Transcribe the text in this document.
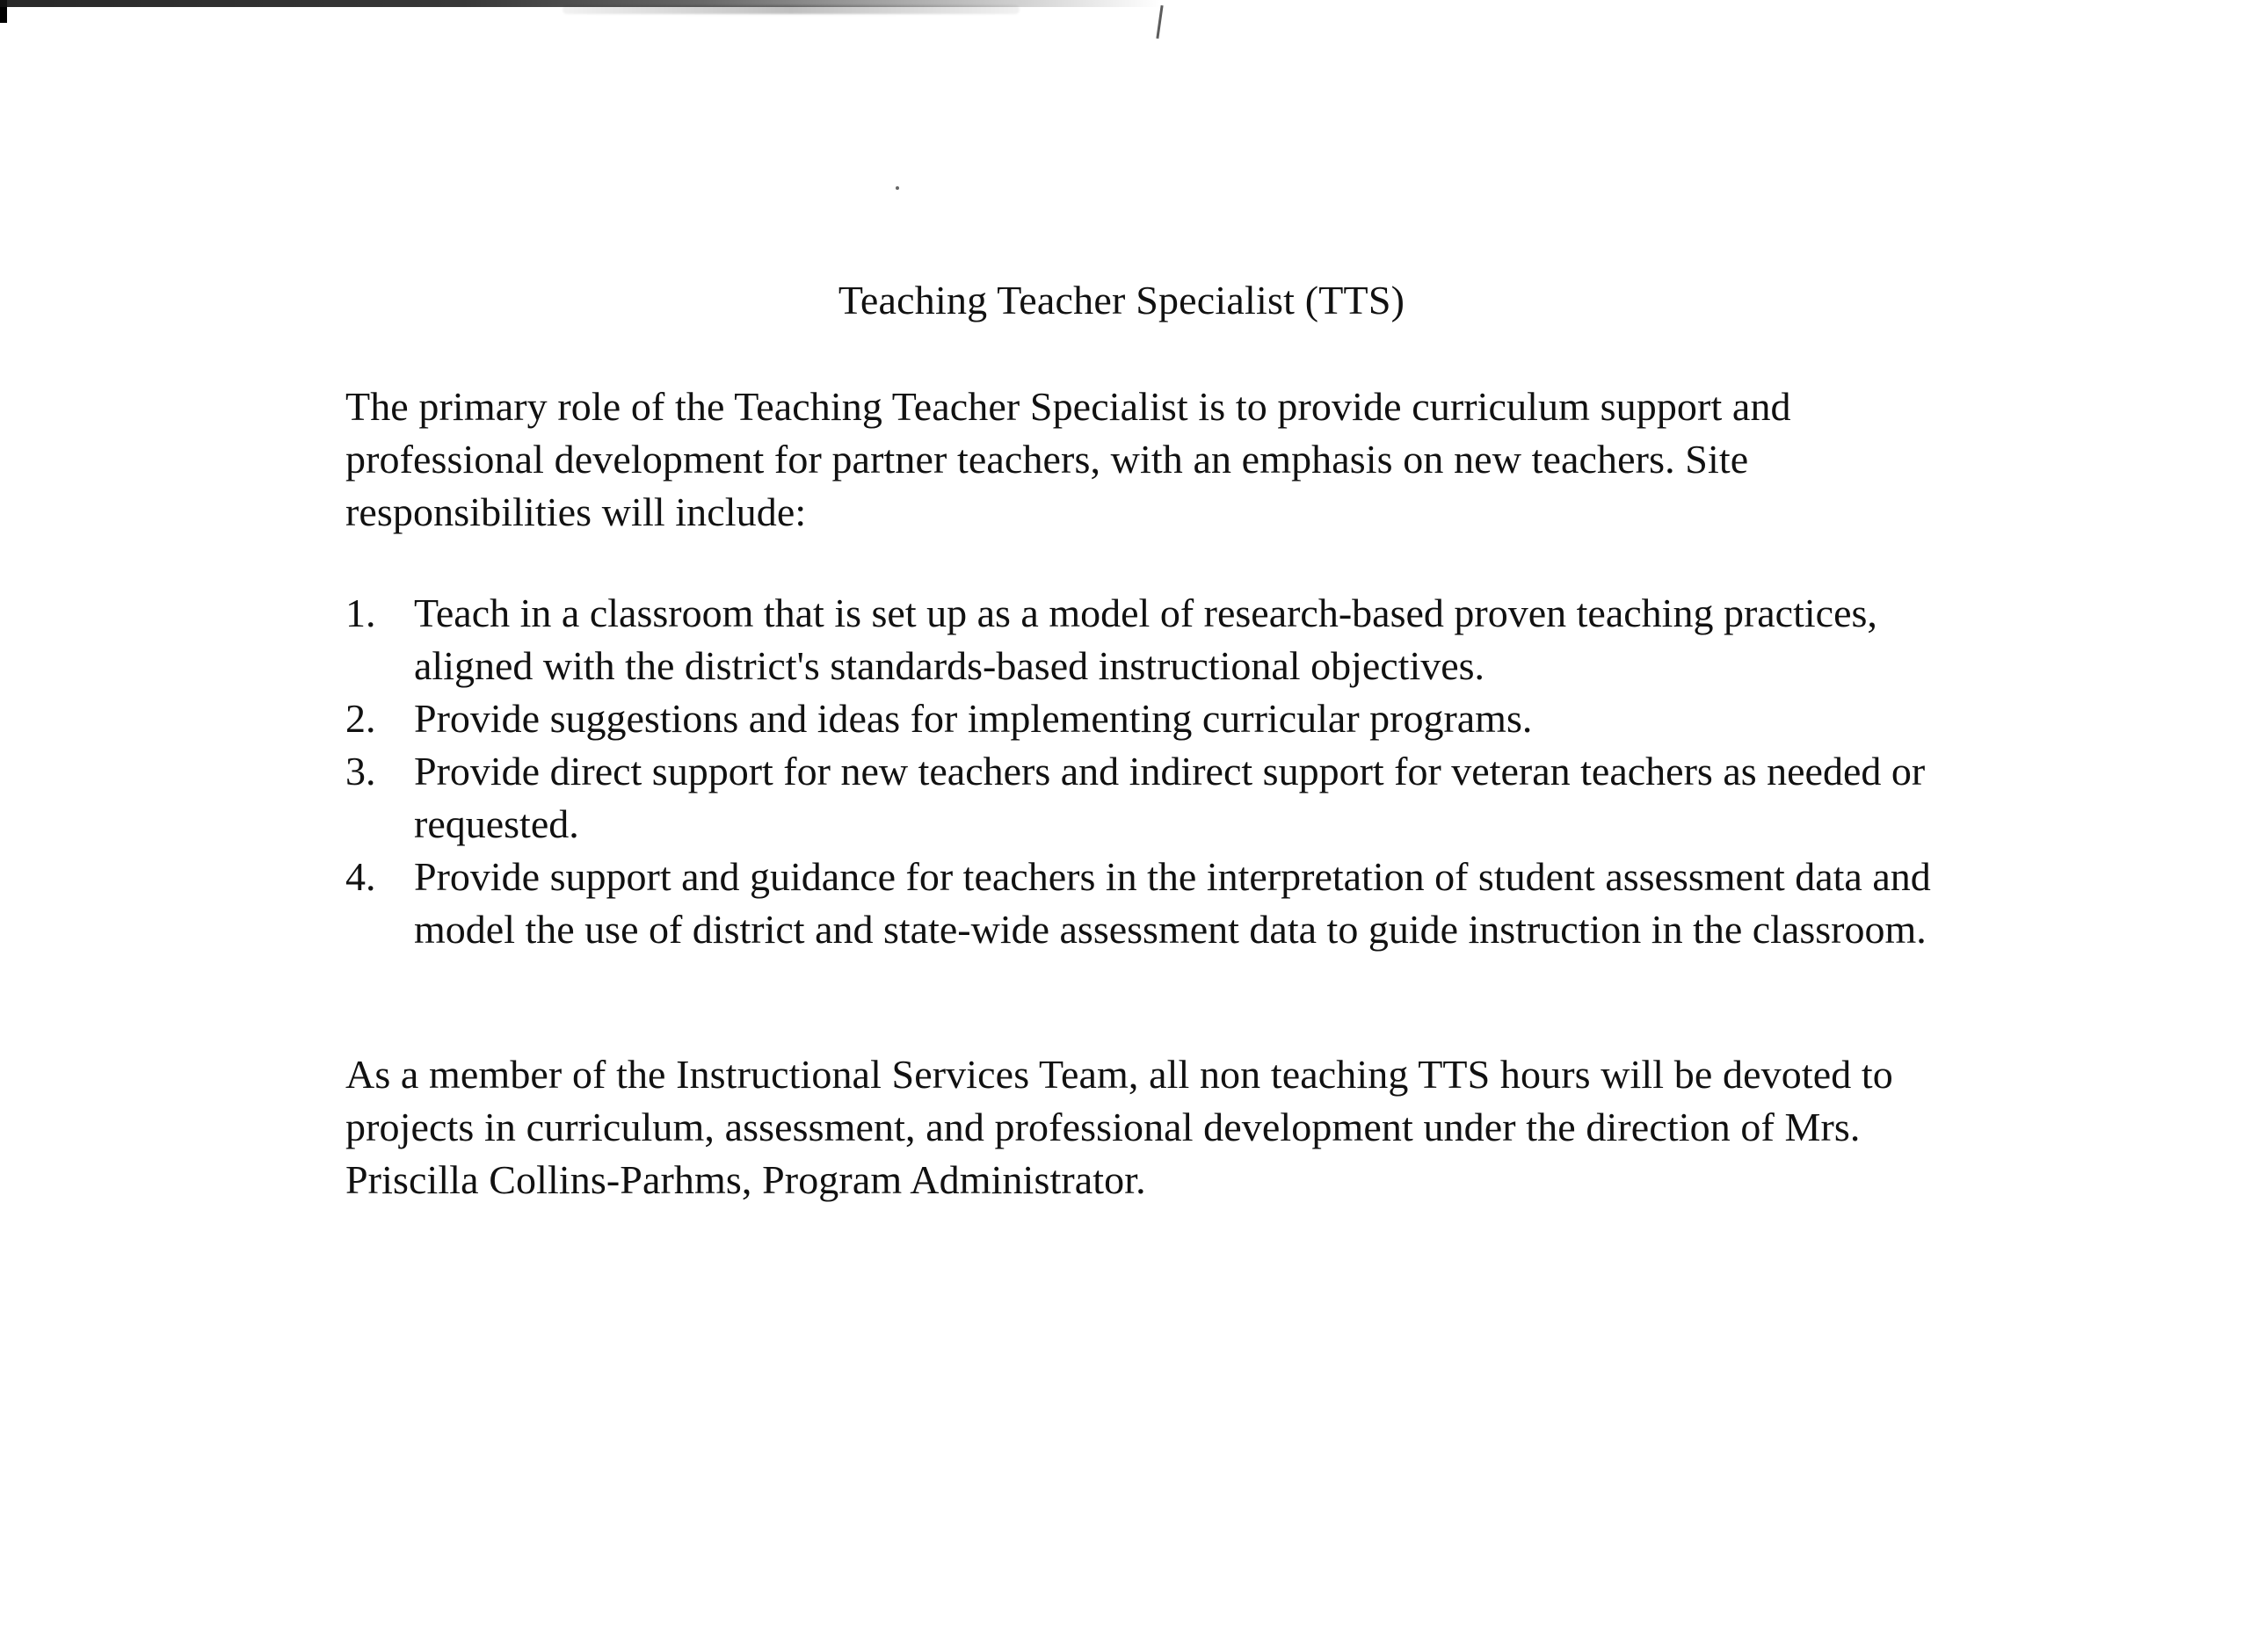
Teaching Teacher Specialist (TTS)

The primary role of the Teaching Teacher Specialist is to provide curriculum support and professional development for partner teachers, with an emphasis on new teachers. Site responsibilities will include:

1. Teach in a classroom that is set up as a model of research-based proven teaching practices, aligned with the district's standards-based instructional objectives.
2. Provide suggestions and ideas for implementing curricular programs.
3. Provide direct support for new teachers and indirect support for veteran teachers as needed or requested.
4. Provide support and guidance for teachers in the interpretation of student assessment data and model the use of district and state-wide assessment data to guide instruction in the classroom.

As a member of the Instructional Services Team, all non teaching TTS hours will be devoted to projects in curriculum, assessment, and professional development under the direction of Mrs. Priscilla Collins-Parhms, Program Administrator.
